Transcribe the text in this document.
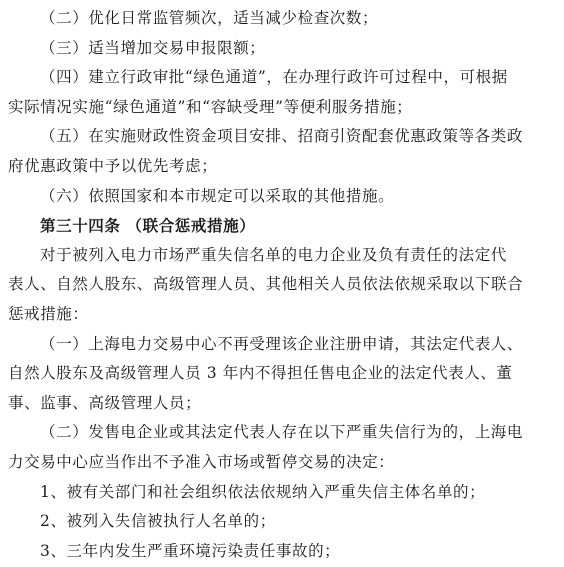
（二）优化日常监管频次，适当减少检查次数；
（三）适当增加交易申报限额；
（四）建立行政审批“绿色通道”，在办理行政许可过程中，可根据
实际情况实施“绿色通道”和“容缺受理”等便利服务措施；
（五）在实施财政性资金项目安排、招商引资配套优惠政策等各类政
府优惠政策中予以优先考虑；
（六）依照国家和本市规定可以采取的其他措施。
第三十四条 （联合惩戒措施）
对于被列入电力市场严重失信名单的电力企业及负有责任的法定代
表人、自然人股东、高级管理人员、其他相关人员依法依规采取以下联合
惩戒措施：
（一）上海电力交易中心不再受理该企业注册申请，其法定代表人、
自然人股东及高级管理人员 3 年内不得担任售电企业的法定代表人、董
事、监事、高级管理人员；
（二）发售电企业或其法定代表人存在以下严重失信行为的，上海电
力交易中心应当作出不予准入市场或暂停交易的决定：
1、被有关部门和社会组织依法依规纳入严重失信主体名单的；
2、被列入失信被执行人名单的；
3、三年内发生严重环境污染责任事故的；
